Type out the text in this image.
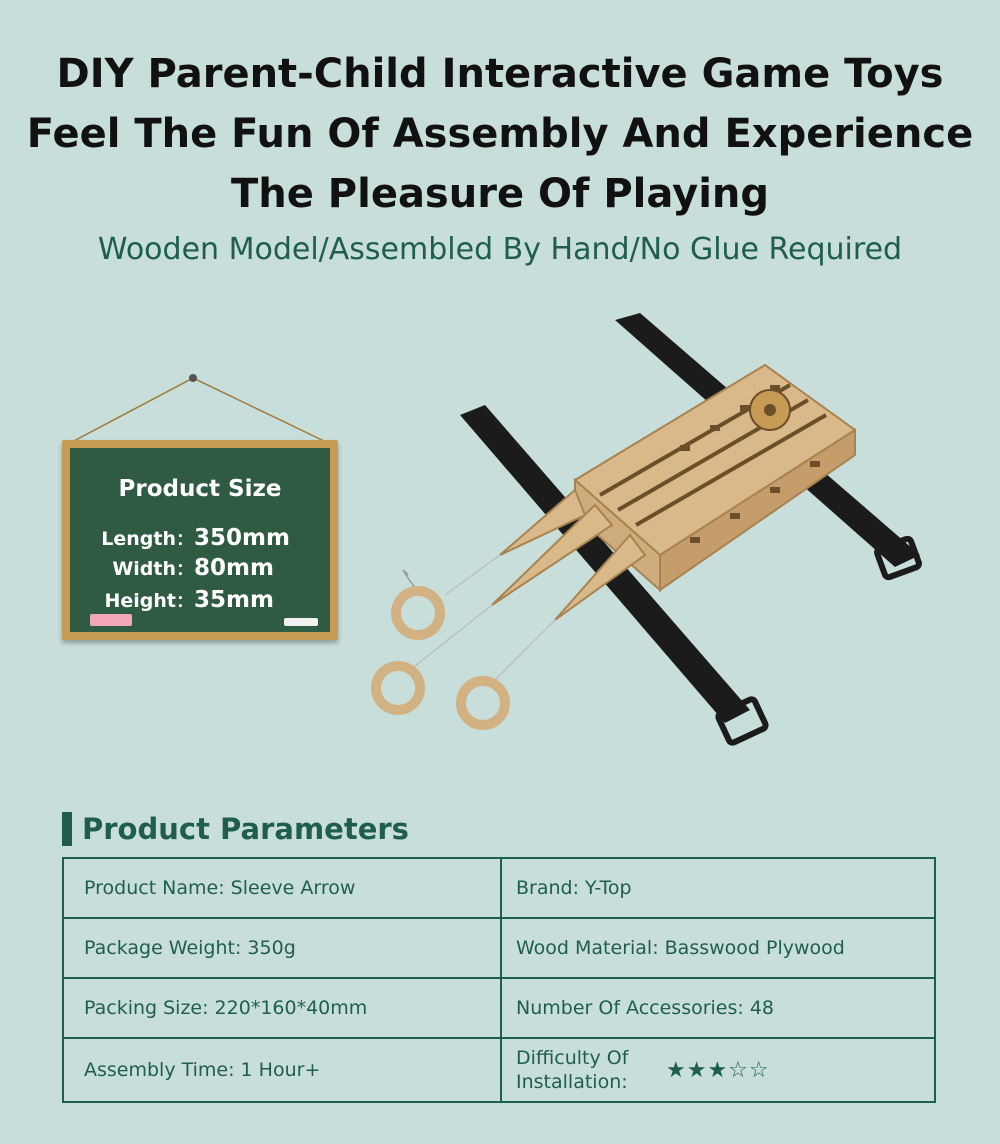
DIY Parent-Child Interactive Game Toys
Feel The Fun Of Assembly And Experience
The Pleasure Of Playing

Wooden Model/Assembled By Hand/No Glue Required

Product Size
Length：350mm
Width：80mm
Height：35mm
Product Parameters
Product Name: Sleeve Arrow	Brand: Y-Top
Package Weight: 350g	Wood Material: Basswood Plywood
Packing Size: 220*160*40mm	Number Of Accessories: 48
Assembly Time: 1 Hour+	Difficulty Of
Installation: ★★★☆☆
